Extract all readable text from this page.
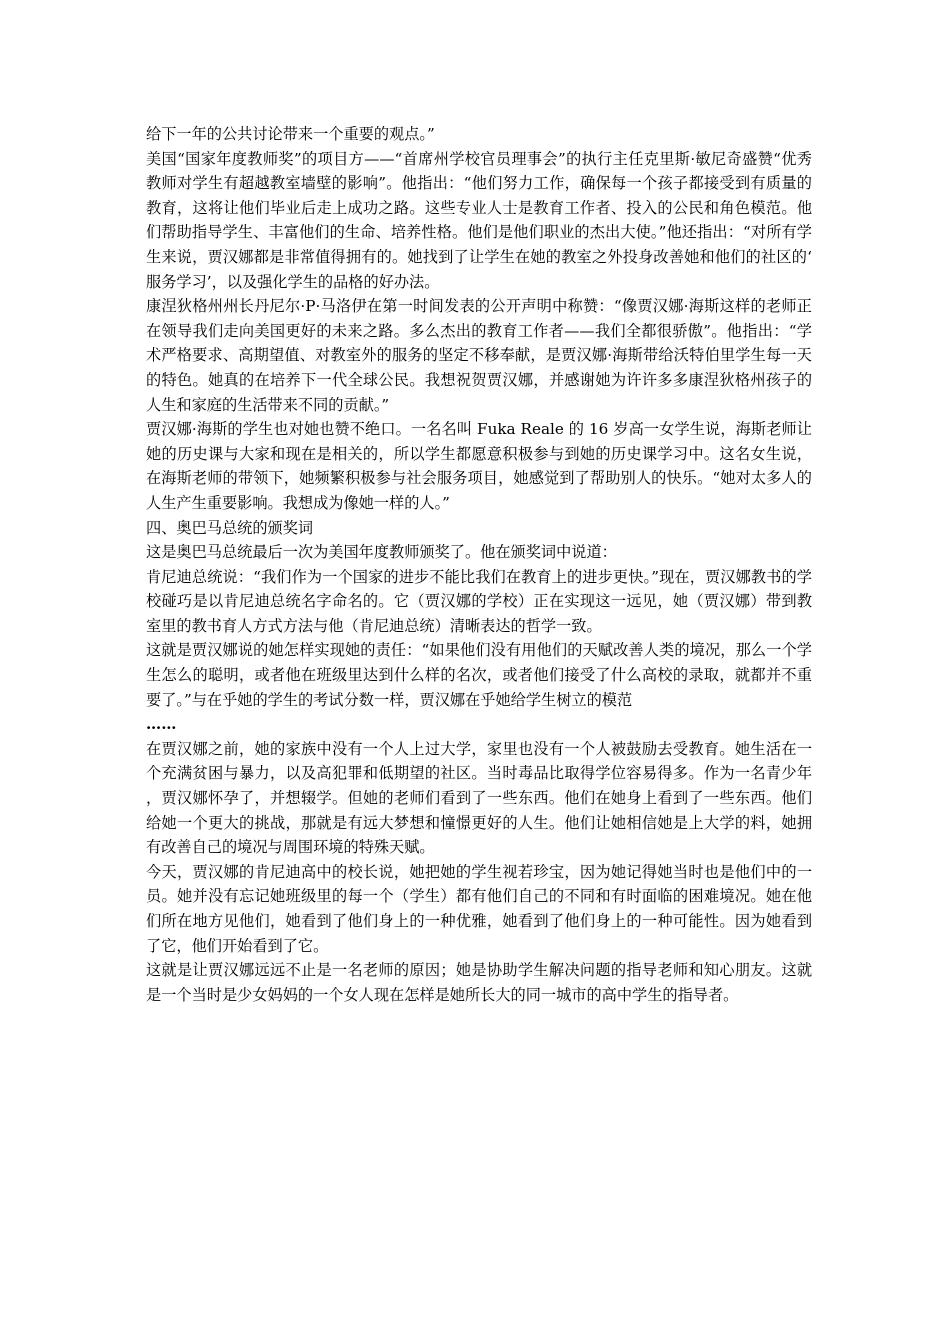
给下一年的公共讨论带来一个重要的观点。”

美国“国家年度教师奖”的项目方——“首席州学校官员理事会”的执行主任克里斯·敏尼奇盛赞“优秀教师对学生有超越教室墙壁的影响”。他指出：“他们努力工作，确保每一个孩子都接受到有质量的教育，这将让他们毕业后走上成功之路。这些专业人士是教育工作者、投入的公民和角色模范。他们帮助指导学生、丰富他们的生命、培养性格。他们是他们职业的杰出大使。”他还指出：“对所有学生来说，贾汉娜都是非常值得拥有的。她找到了让学生在她的教室之外投身改善她和他们的社区的‘服务学习’，以及强化学生的品格的好办法。

康涅狄格州州长丹尼尔·P·马洛伊在第一时间发表的公开声明中称赞：“像贾汉娜·海斯这样的老师正在领导我们走向美国更好的未来之路。多么杰出的教育工作者——我们全都很骄傲”。他指出：“学术严格要求、高期望值、对教室外的服务的坚定不移奉献，是贾汉娜·海斯带给沃特伯里学生每一天的特色。她真的在培养下一代全球公民。我想祝贺贾汉娜，并感谢她为许许多多康涅狄格州孩子的人生和家庭的生活带来不同的贡献。”

贾汉娜·海斯的学生也对她也赞不绝口。一名名叫 Fuka Reale 的 16 岁高一女学生说，海斯老师让她的历史课与大家和现在是相关的，所以学生都愿意积极参与到她的历史课学习中。这名女生说，在海斯老师的带领下，她频繁积极参与社会服务项目，她感觉到了帮助别人的快乐。“她对太多人的人生产生重要影响。我想成为像她一样的人。”

四、奥巴马总统的颁奖词

这是奥巴马总统最后一次为美国年度教师颁奖了。他在颁奖词中说道：

肯尼迪总统说：“我们作为一个国家的进步不能比我们在教育上的进步更快。”现在，贾汉娜教书的学校碰巧是以肯尼迪总统名字命名的。它（贾汉娜的学校）正在实现这一远见，她（贾汉娜）带到教室里的教书育人方式方法与他（肯尼迪总统）清晰表达的哲学一致。

这就是贾汉娜说的她怎样实现她的责任：“如果他们没有用他们的天赋改善人类的境况，那么一个学生怎么的聪明，或者他在班级里达到什么样的名次，或者他们接受了什么高校的录取，就都并不重要了。”与在乎她的学生的考试分数一样，贾汉娜在乎她给学生树立的模范

……

在贾汉娜之前，她的家族中没有一个人上过大学，家里也没有一个人被鼓励去受教育。她生活在一个充满贫困与暴力，以及高犯罪和低期望的社区。当时毒品比取得学位容易得多。作为一名青少年，贾汉娜怀孕了，并想辍学。但她的老师们看到了一些东西。他们在她身上看到了一些东西。他们给她一个更大的挑战，那就是有远大梦想和憧憬更好的人生。他们让她相信她是上大学的料，她拥有改善自己的境况与周围环境的特殊天赋。

今天，贾汉娜的肯尼迪高中的校长说，她把她的学生视若珍宝，因为她记得她当时也是他们中的一员。她并没有忘记她班级里的每一个（学生）都有他们自己的不同和有时面临的困难境况。她在他们所在地方见他们，她看到了他们身上的一种优雅，她看到了他们身上的一种可能性。因为她看到了它，他们开始看到了它。

这就是让贾汉娜远远不止是一名老师的原因；她是协助学生解决问题的指导老师和知心朋友。这就是一个当时是少女妈妈的一个女人现在怎样是她所长大的同一城市的高中学生的指导者。
